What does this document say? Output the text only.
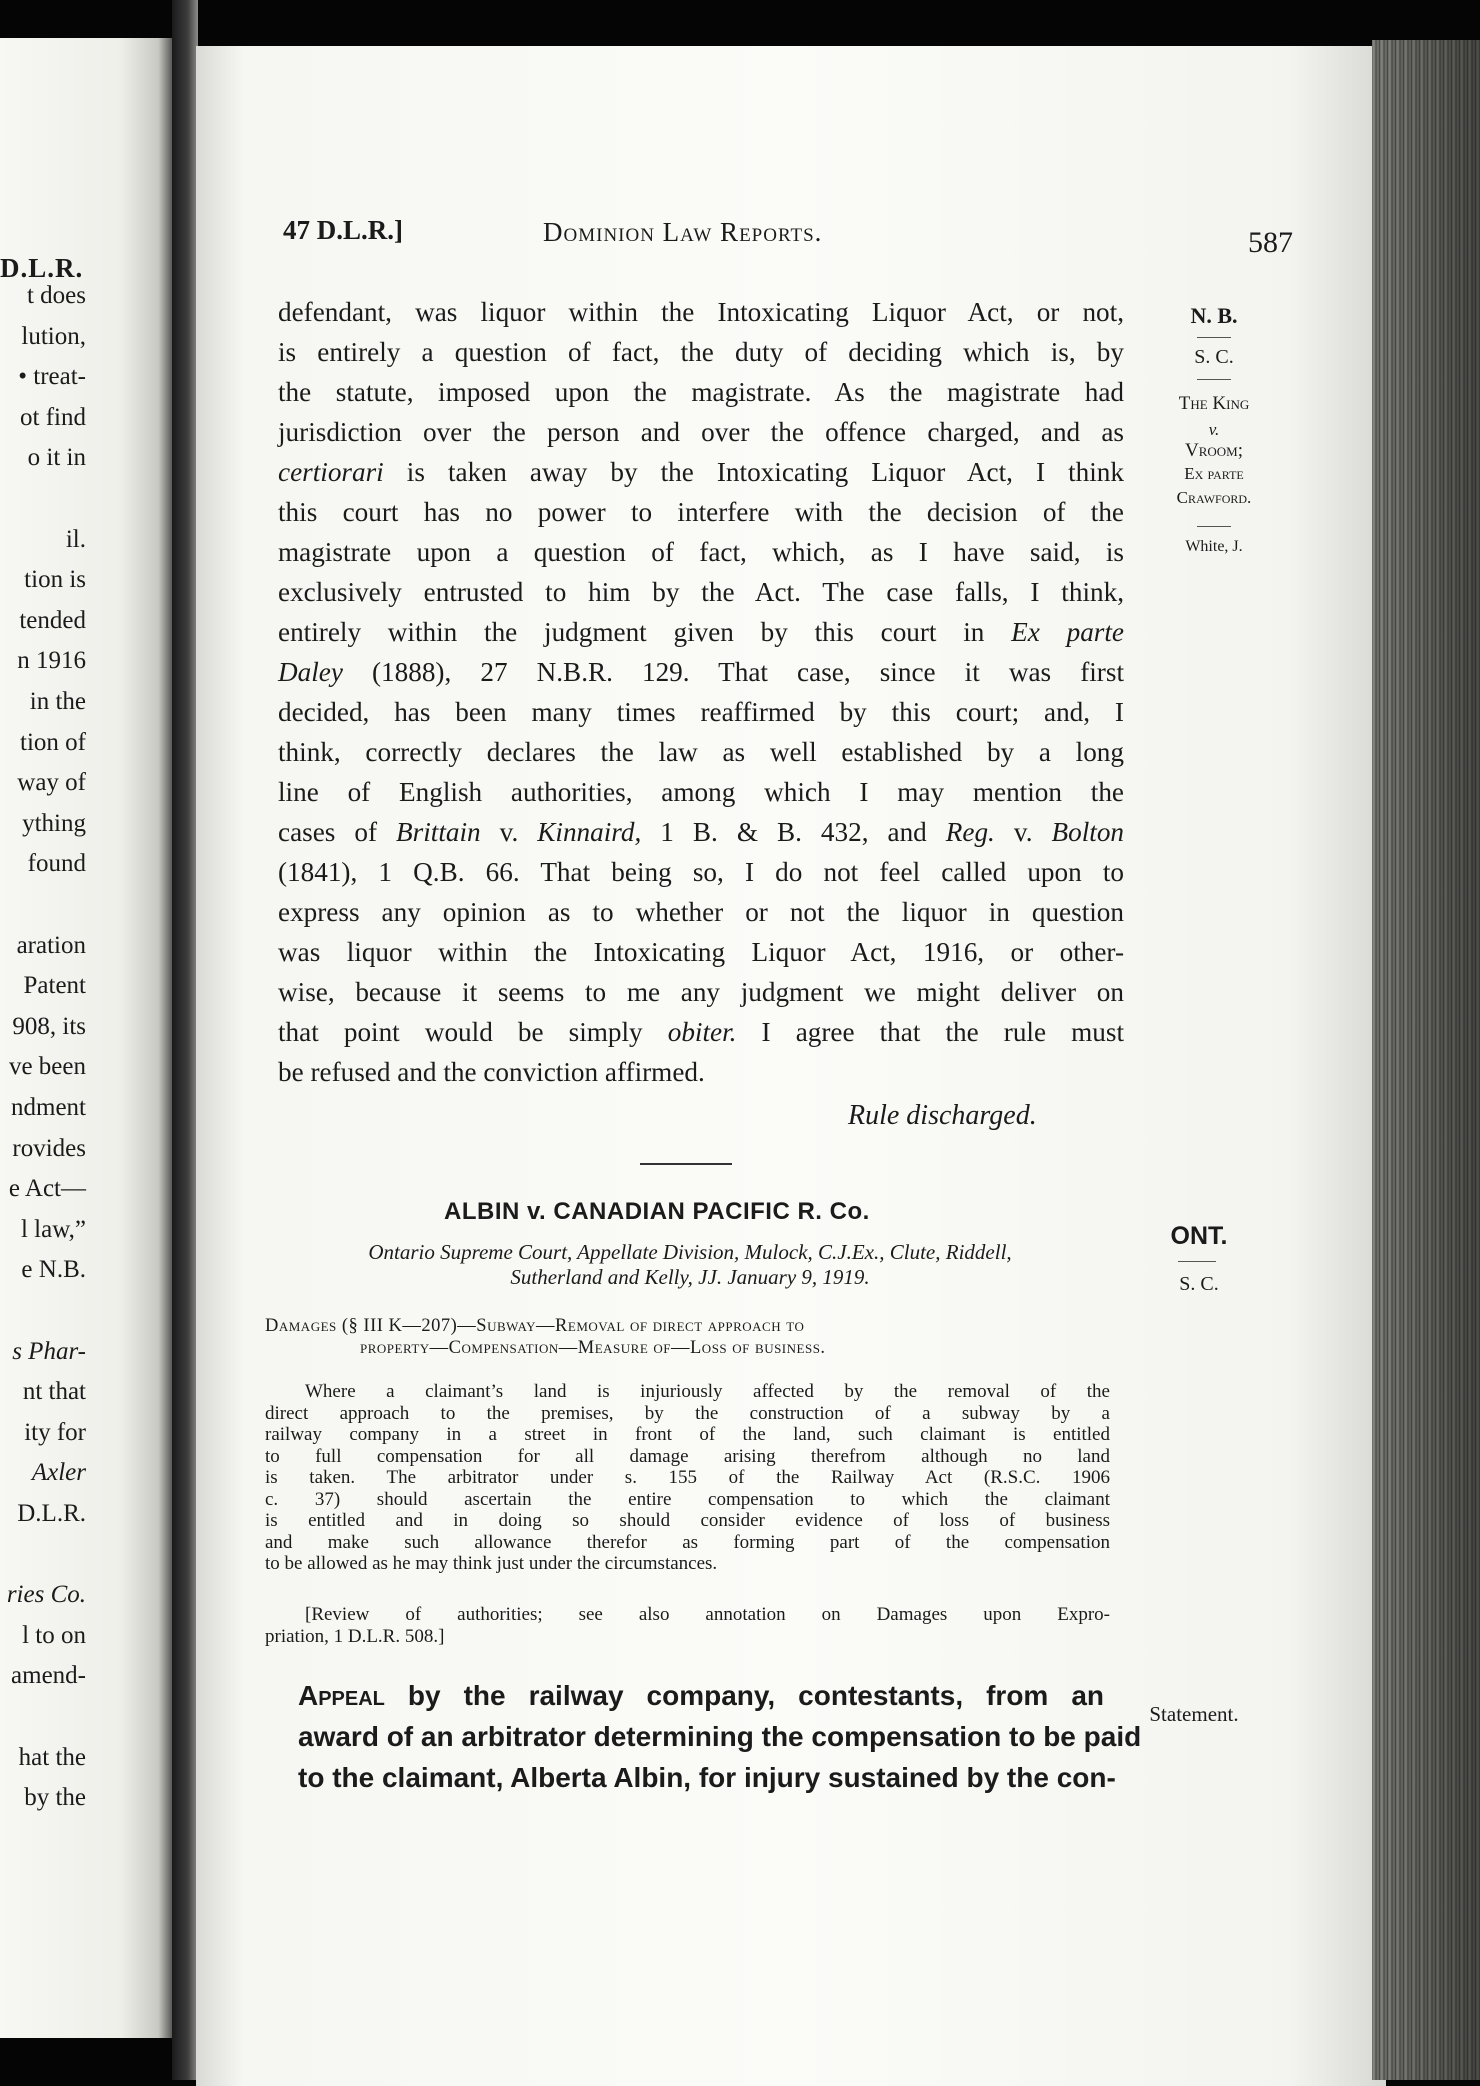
D.L.R.
t does
lution,
• treat-
ot find
o it in
il.
tion is
tended
n 1916
in the
tion of
way of
ything
found
aration
Patent
908, its
ve been
ndment
rovides
e Act—
l law,”
e N.B.
s Phar-
nt that
ity for
Axler
D.L.R.
ries Co.
l to on
amend-
hat the
by the
47 D.L.R.]	Dominion Law Reports.	587
N. B.
S. C.
The King
v.
Vroom;
Ex parte
Crawford.
White, J.
defendant, was liquor within the Intoxicating Liquor Act, or not,
is entirely a question of fact, the duty of deciding which is, by
the statute, imposed upon the magistrate. As the magistrate had
jurisdiction over the person and over the offence charged, and as
certiorari is taken away by the Intoxicating Liquor Act, I think
this court has no power to interfere with the decision of the
magistrate upon a question of fact, which, as I have said, is
exclusively entrusted to him by the Act. The case falls, I think,
entirely within the judgment given by this court in Ex parte
Daley (1888), 27 N.B.R. 129. That case, since it was first
decided, has been many times reaffirmed by this court; and, I
think, correctly declares the law as well established by a long
line of English authorities, among which I may mention the
cases of Brittain v. Kinnaird, 1 B. & B. 432, and Reg. v. Bolton
(1841), 1 Q.B. 66. That being so, I do not feel called upon to
express any opinion as to whether or not the liquor in question
was liquor within the Intoxicating Liquor Act, 1916, or other-
wise, because it seems to me any judgment we might deliver on
that point would be simply obiter. I agree that the rule must
be refused and the conviction affirmed.
Rule discharged.
ALBIN v. CANADIAN PACIFIC R. Co.
ONT.
S. C.
Ontario Supreme Court, Appellate Division, Mulock, C.J.Ex., Clute, Riddell,
Sutherland and Kelly, JJ. January 9, 1919.
Damages (§ III K—207)—Subway—Removal of direct approach to
property—Compensation—Measure of—Loss of business.
Where a claimant’s land is injuriously affected by the removal of the
direct approach to the premises, by the construction of a subway by a
railway company in a street in front of the land, such claimant is entitled
to full compensation for all damage arising therefrom although no land
is taken. The arbitrator under s. 155 of the Railway Act (R.S.C. 1906
c. 37) should ascertain the entire compensation to which the claimant
is entitled and in doing so should consider evidence of loss of business
and make such allowance therefor as forming part of the compensation
to be allowed as he may think just under the circumstances.
[Review of authorities; see also annotation on Damages upon Expro-
priation, 1 D.L.R. 508.]
Statement.
Appeal by the railway company, contestants, from an
award of an arbitrator determining the compensation to be paid
to the claimant, Alberta Albin, for injury sustained by the con-
